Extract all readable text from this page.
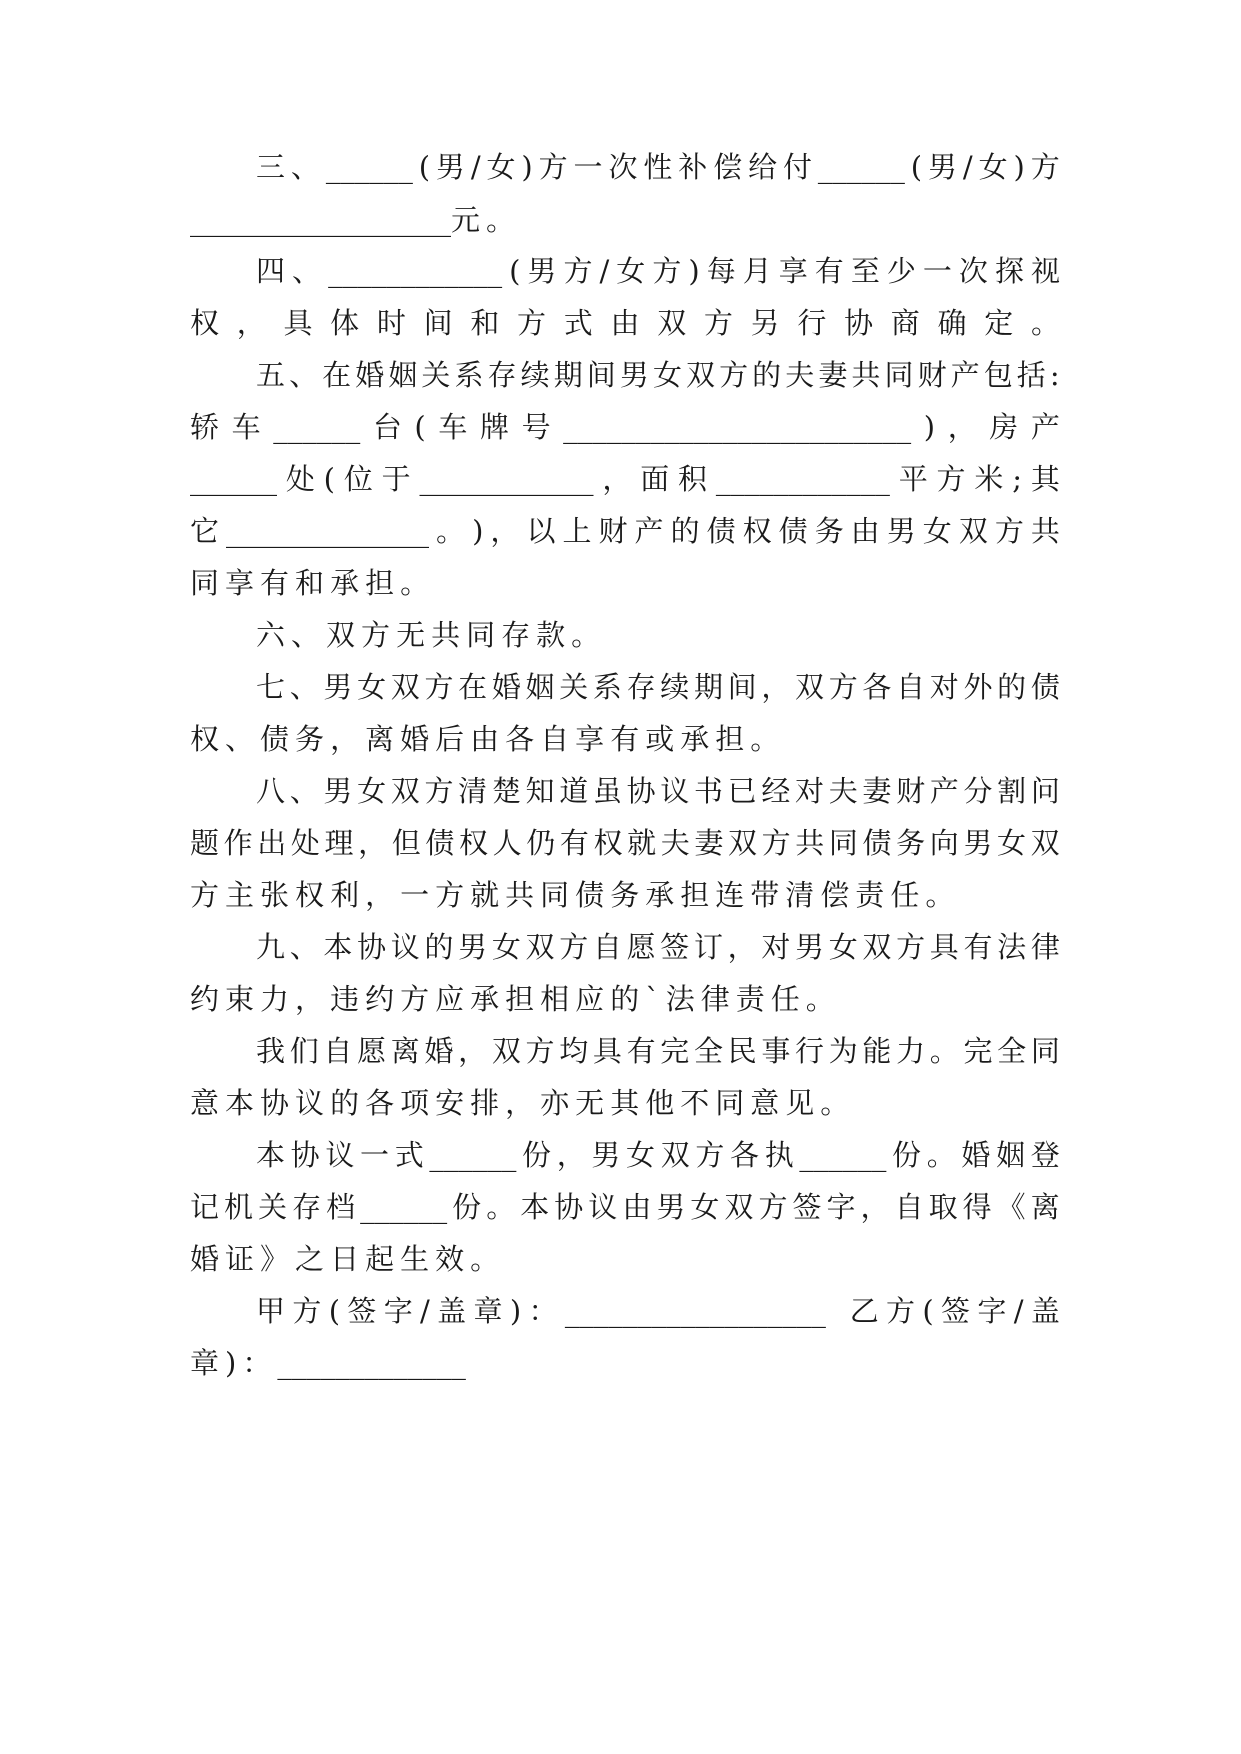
三 、 ______ ( 男 / 女 ) 方 一 次 性 补 偿 给 付 ______ ( 男 / 女 ) 方
__________________ 元 。
四 、 ____________ ( 男 方 / 女 方 ) 每 月 享 有 至 少 一 次 探 视
权 ， 具 体 时 间 和 方 式 由 双 方 另 行 协 商 确 定 。
五 、 在 婚 姻 关 系 存 续 期 间 男 女 双 方 的 夫 妻 共 同 财 产 包 括 :
轿 车 ______ 台 ( 车 牌 号 ________________________ ) ， 房 产
______ 处 ( 位 于 ____________ ， 面 积 ____________ 平 方 米 ; 其
它 ______________ 。 ) ， 以 上 财 产 的 债 权 债 务 由 男 女 双 方 共
同 享 有 和 承 担 。
六 、 双 方 无 共 同 存 款 。
七 、 男 女 双 方 在 婚 姻 关 系 存 续 期 间 ， 双 方 各 自 对 外 的 债
权 、 债 务 ， 离 婚 后 由 各 自 享 有 或 承 担 。
八 、 男 女 双 方 清 楚 知 道 虽 协 议 书 已 经 对 夫 妻 财 产 分 割 问
题 作 出 处 理 ， 但 债 权 人 仍 有 权 就 夫 妻 双 方 共 同 债 务 向 男 女 双
方 主 张 权 利 ， 一 方 就 共 同 债 务 承 担 连 带 清 偿 责 任 。
九 、 本 协 议 的 男 女 双 方 自 愿 签 订 ， 对 男 女 双 方 具 有 法 律
约 束 力 ， 违 约 方 应 承 担 相 应 的 ` 法 律 责 任 。
我 们 自 愿 离 婚 ， 双 方 均 具 有 完 全 民 事 行 为 能 力 。 完 全 同
意 本 协 议 的 各 项 安 排 ， 亦 无 其 他 不 同 意 见 。
本 协 议 一 式 ______ 份 ， 男 女 双 方 各 执 ______ 份 。 婚 姻 登
记 机 关 存 档 ______ 份 。 本 协 议 由 男 女 双 方 签 字 ， 自 取 得 《 离
婚 证 》 之 日 起 生 效 。
甲 方 ( 签 字 / 盖 章 ) ： __________________
乙 方 ( 签 字 / 盖
章 ) ： _____________
